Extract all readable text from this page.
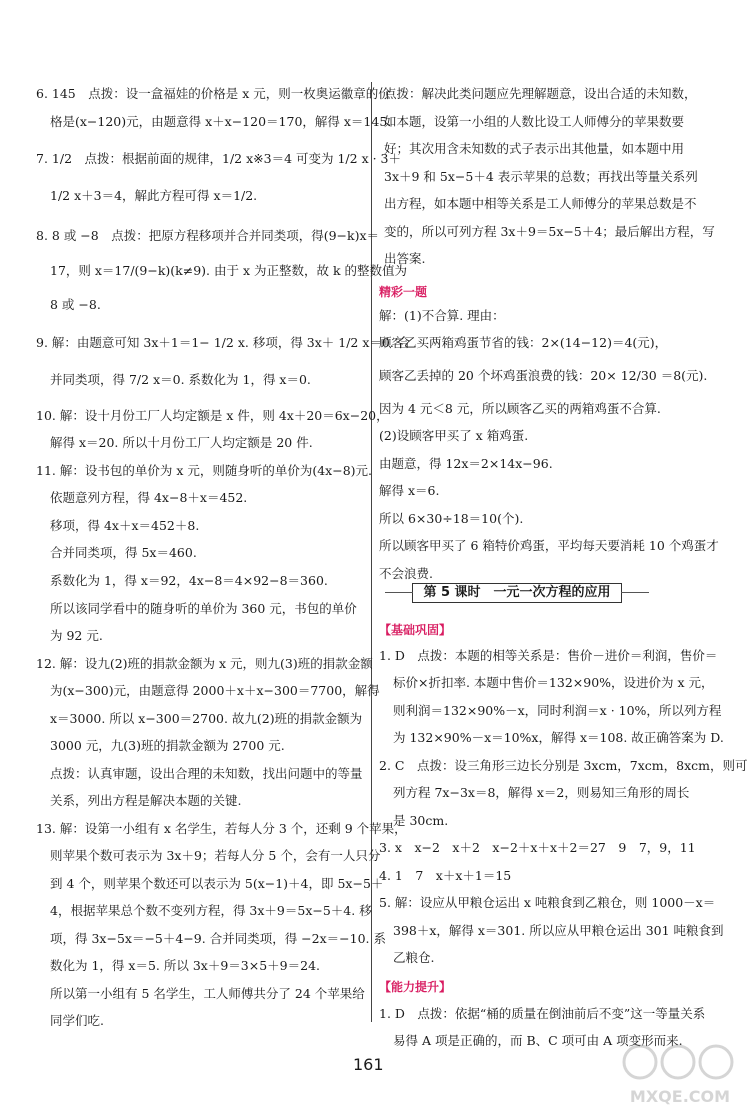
6. 145　点拨：设一盒福娃的价格是 x 元，则一枚奥运徽章的价
格是(x−120)元，由题意得 x＋x−120＝170，解得 x＝145.
7. 1/2　点拨：根据前面的规律，1/2 x※3＝4 可变为 1/2 x · 3＋
1/2 x＋3＝4，解此方程可得 x＝1/2.
8. 8 或 −8　点拨：把原方程移项并合并同类项，得(9−k)x＝
17，则 x＝17/(9−k)(k≠9). 由于 x 为正整数，故 k 的整数值为
8 或 −8.
9. 解：由题意可知 3x＋1＝1− 1/2 x. 移项，得 3x＋ 1/2 x＝0. 合
并同类项，得 7/2 x＝0. 系数化为 1，得 x＝0.
10. 解：设十月份工厂人均定额是 x 件，则 4x＋20＝6x−20，
解得 x＝20. 所以十月份工厂人均定额是 20 件.
11. 解：设书包的单价为 x 元，则随身听的单价为(4x−8)元.
依题意列方程，得 4x−8＋x＝452.
移项，得 4x＋x＝452＋8.
合并同类项，得 5x＝460.
系数化为 1，得 x＝92，4x−8＝4×92−8＝360.
所以该同学看中的随身听的单价为 360 元，书包的单价
为 92 元.
12. 解：设九(2)班的捐款金额为 x 元，则九(3)班的捐款金额
为(x−300)元，由题意得 2000＋x＋x−300＝7700，解得
x＝3000. 所以 x−300＝2700. 故九(2)班的捐款金额为
3000 元，九(3)班的捐款金额为 2700 元.
点拨：认真审题，设出合理的未知数，找出问题中的等量
关系，列出方程是解决本题的关键.
13. 解：设第一小组有 x 名学生，若每人分 3 个，还剩 9 个苹果，
则苹果个数可表示为 3x＋9；若每人分 5 个，会有一人只分
到 4 个，则苹果个数还可以表示为 5(x−1)＋4，即 5x−5＋
4，根据苹果总个数不变列方程，得 3x＋9＝5x−5＋4. 移
项，得 3x−5x＝−5＋4−9. 合并同类项，得 −2x＝−10. 系
数化为 1，得 x＝5. 所以 3x＋9＝3×5＋9＝24.
所以第一小组有 5 名学生，工人师傅共分了 24 个苹果给
同学们吃.
点拨：解决此类问题应先理解题意，设出合适的未知数，
如本题，设第一小组的人数比设工人师傅分的苹果数要
好；其次用含未知数的式子表示出其他量，如本题中用
3x＋9 和 5x−5＋4 表示苹果的总数；再找出等量关系列
出方程，如本题中相等关系是工人师傅分的苹果总数是不
变的，所以可列方程 3x＋9＝5x−5＋4；最后解出方程，写
出答案.
精彩一题
解：(1)不合算. 理由：
顾客乙买两箱鸡蛋节省的钱：2×(14−12)＝4(元)，
顾客乙丢掉的 20 个坏鸡蛋浪费的钱：20× 12/30 ＝8(元).
因为 4 元＜8 元，所以顾客乙买的两箱鸡蛋不合算.
(2)设顾客甲买了 x 箱鸡蛋.
由题意，得 12x＝2×14x−96.
解得 x＝6.
所以 6×30÷18＝10(个).
所以顾客甲买了 6 箱特价鸡蛋，平均每天要消耗 10 个鸡蛋才
不会浪费.
【基础巩固】
1. D　点拨：本题的相等关系是：售价－进价＝利润，售价＝
标价×折扣率. 本题中售价＝132×90%，设进价为 x 元，
则利润＝132×90%－x，同时利润＝x · 10%，所以列方程
为 132×90%－x＝10%x，解得 x＝108. 故正确答案为 D.
2. C　点拨：设三角形三边长分别是 3xcm，7xcm，8xcm，则可
列方程 7x−3x＝8，解得 x＝2，则易知三角形的周长
是 30cm.
3. x　x−2　x＋2　x−2＋x＋x＋2＝27　9　7，9，11
4. 1　7　x＋x＋1＝15
5. 解：设应从甲粮仓运出 x 吨粮食到乙粮仓，则 1000－x＝
398＋x，解得 x＝301. 所以应从甲粮仓运出 301 吨粮食到
乙粮仓.
【能力提升】
1. D　点拨：依据“桶的质量在倒油前后不变”这一等量关系
易得 A 项是正确的，而 B、C 项可由 A 项变形而来.
第 5 课时　一元一次方程的应用
161
MXQE.COM
